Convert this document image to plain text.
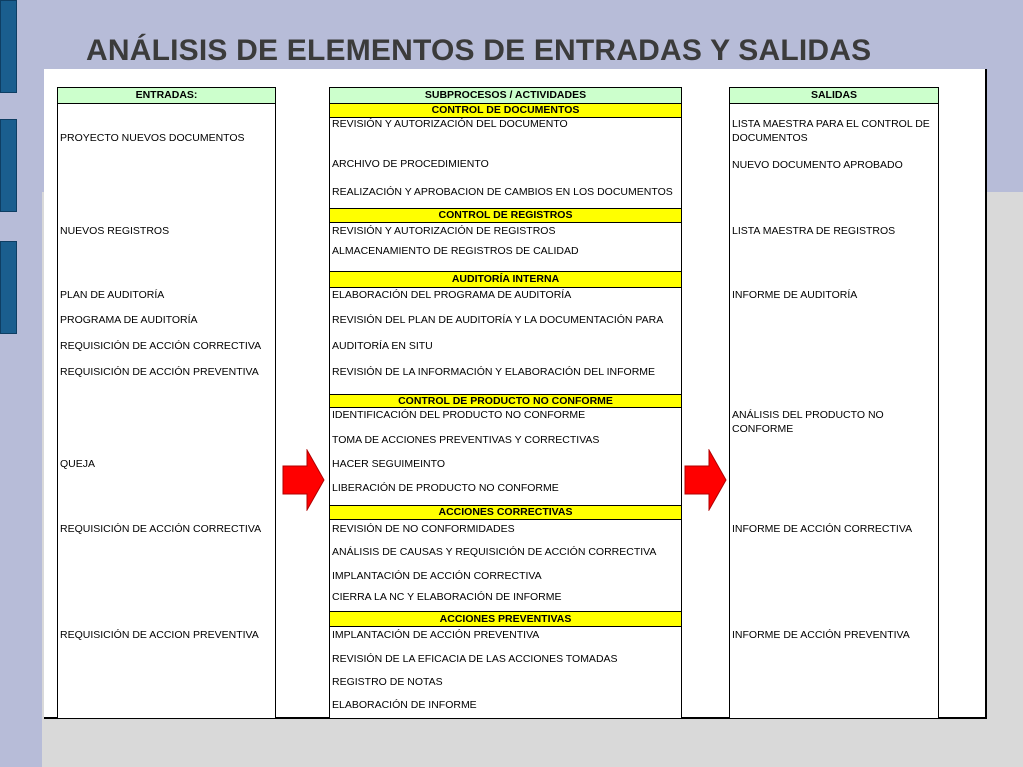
ANÁLISIS DE ELEMENTOS DE ENTRADAS Y SALIDAS
ENTRADAS:	SUBPROCESOS / ACTIVIDADES	SALIDAS
CONTROL DE DOCUMENTOS
CONTROL DE REGISTROS
AUDITORÍA INTERNA
CONTROL DE PRODUCTO NO CONFORME
ACCIONES CORRECTIVAS
ACCIONES PREVENTIVAS
PROYECTO NUEVOS DOCUMENTOS
NUEVOS REGISTROS
PLAN DE AUDITORÍA
PROGRAMA DE AUDITORÍA
REQUISICIÓN DE ACCIÓN CORRECTIVA
REQUISICIÓN DE ACCIÓN PREVENTIVA
QUEJA
REQUISICIÓN DE ACCIÓN CORRECTIVA
REQUISICIÓN DE ACCION PREVENTIVA
REVISIÓN Y AUTORIZACIÓN DEL DOCUMENTO
ARCHIVO DE PROCEDIMIENTO
REALIZACIÓN Y APROBACION DE CAMBIOS EN LOS DOCUMENTOS
REVISIÓN Y AUTORIZACIÓN DE REGISTROS
ALMACENAMIENTO DE REGISTROS DE CALIDAD
ELABORACIÓN DEL PROGRAMA DE AUDITORÍA
REVISIÓN DEL PLAN DE AUDITORÍA Y LA DOCUMENTACIÓN PARA
AUDITORÍA EN SITU
REVISIÓN DE LA INFORMACIÓN Y ELABORACIÓN DEL INFORME
IDENTIFICACIÓN DEL PRODUCTO NO CONFORME
TOMA DE ACCIONES PREVENTIVAS Y CORRECTIVAS
HACER SEGUIMEINTO
LIBERACIÓN DE PRODUCTO NO CONFORME
REVISIÓN DE NO CONFORMIDADES
ANÁLISIS DE CAUSAS Y REQUISICIÓN DE ACCIÓN CORRECTIVA
IMPLANTACIÓN DE ACCIÓN CORRECTIVA
CIERRA LA NC Y ELABORACIÓN DE INFORME
IMPLANTACIÓN DE ACCIÓN PREVENTIVA
REVISIÓN DE LA EFICACIA DE LAS ACCIONES TOMADAS
REGISTRO DE NOTAS
ELABORACIÓN DE INFORME
LISTA MAESTRA PARA EL CONTROL DE DOCUMENTOS
NUEVO DOCUMENTO APROBADO
LISTA MAESTRA DE REGISTROS
INFORME DE AUDITORÍA
ANÁLISIS DEL PRODUCTO NO CONFORME
INFORME DE ACCIÓN CORRECTIVA
INFORME DE ACCIÓN PREVENTIVA
